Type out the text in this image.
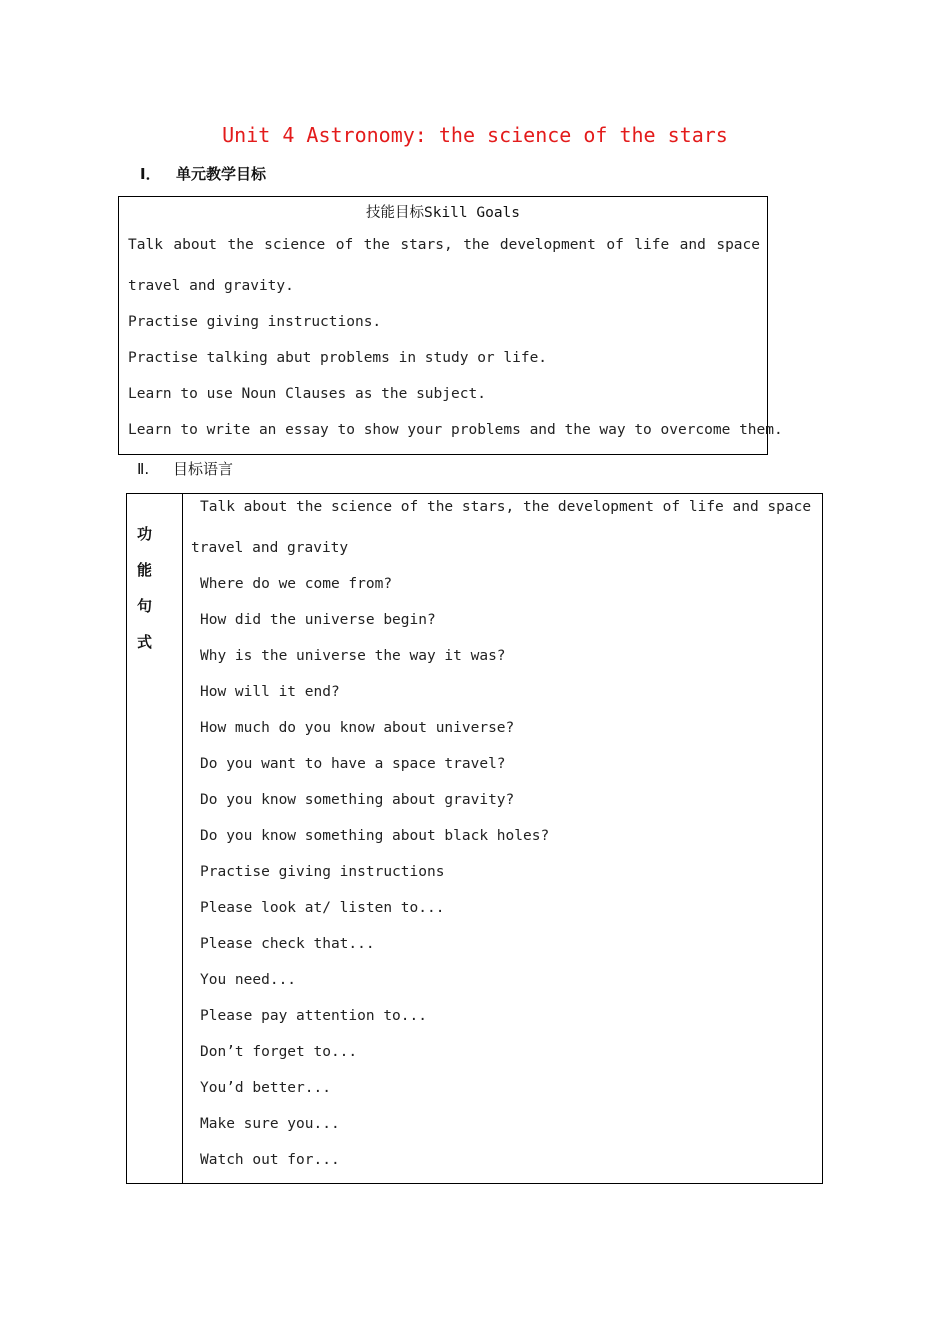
Unit 4 Astronomy: the science of the stars
Ⅰ． 单元教学目标
技能目标Skill Goals
Talk about the science of the stars, the development of life and space
travel and gravity.
Practise giving instructions.
Practise talking abut problems in study or life.
Learn to use Noun Clauses as the subject.
Learn to write an essay to show your problems and the way to overcome them.
Ⅱ. 目标语言
功
能
句
式
Talk about the science of the stars, the development of life and space
travel and gravity
Where do we come from?
How did the universe begin?
Why is the universe the way it was?
How will it end?
How much do you know about universe?
Do you want to have a space travel?
Do you know something about gravity?
Do you know something about black holes?
Practise giving instructions
Please look at/ listen to...
Please check that...
You need...
Please pay attention to...
Don’t forget to...
You’d better...
Make sure you...
Watch out for...
